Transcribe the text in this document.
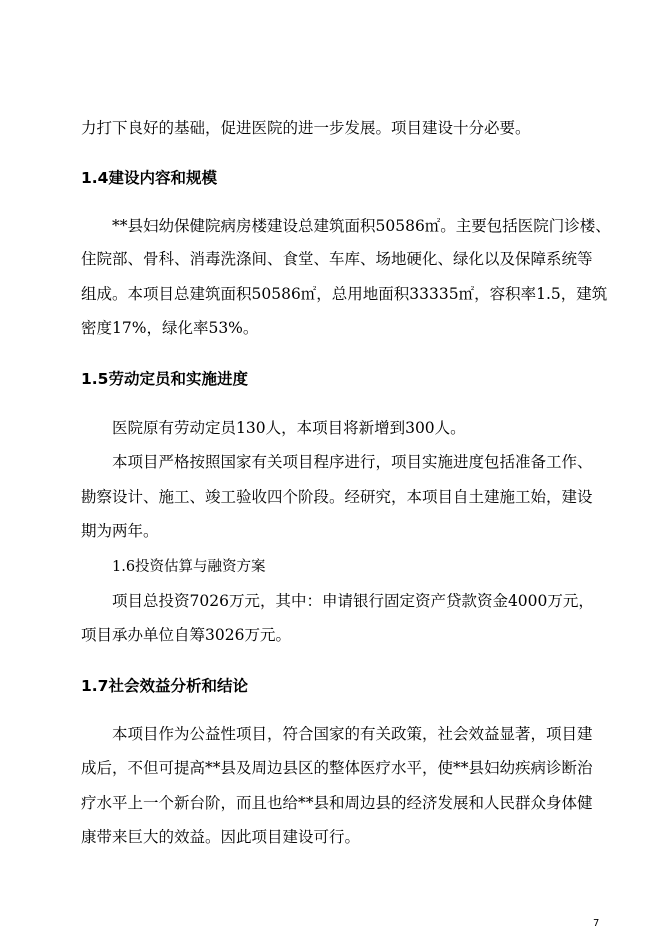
力打下良好的基础，促进医院的进一步发展。项目建设十分必要。
1.4建设内容和规模
**县妇幼保健院病房楼建设总建筑面积50586㎡。主要包括医院门诊楼、
住院部、骨科、消毒洗涤间、食堂、车库、场地硬化、绿化以及保障系统等
组成。本项目总建筑面积50586㎡，总用地面积33335㎡，容积率1.5，建筑
密度17%，绿化率53%。
1.5劳动定员和实施进度
医院原有劳动定员130人，本项目将新增到300人。
本项目严格按照国家有关项目程序进行，项目实施进度包括准备工作、
勘察设计、施工、竣工验收四个阶段。经研究，本项目自土建施工始，建设
期为两年。
1.6投资估算与融资方案
项目总投资7026万元，其中：申请银行固定资产贷款资金4000万元，
项目承办单位自筹3026万元。
1.7社会效益分析和结论
本项目作为公益性项目，符合国家的有关政策，社会效益显著，项目建
成后，不但可提高**县及周边县区的整体医疗水平，使**县妇幼疾病诊断治
疗水平上一个新台阶，而且也给**县和周边县的经济发展和人民群众身体健
康带来巨大的效益。因此项目建设可行。
7
